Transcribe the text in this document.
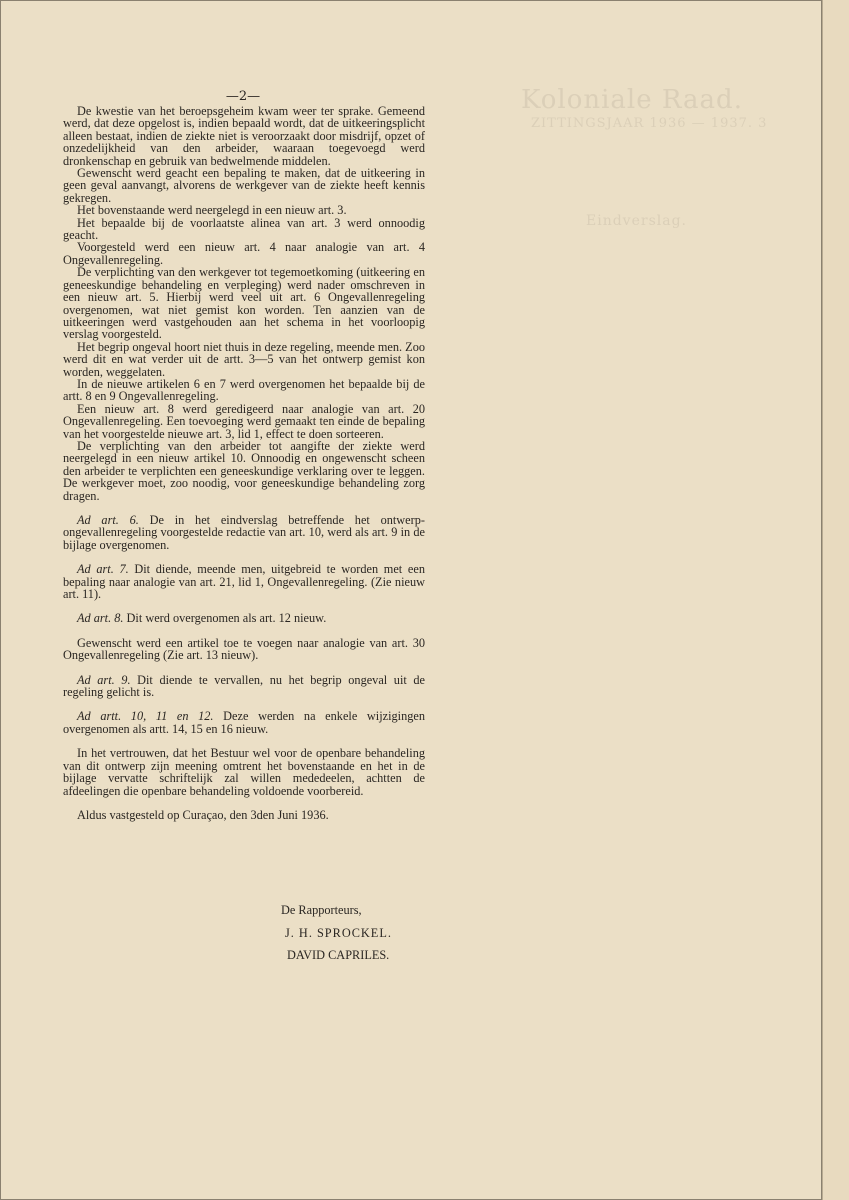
Koloniale Raad.
ZITTINGSJAAR 1936 — 1937. 3
Eindverslag.
—2—

De kwestie van het beroepsgeheim kwam weer ter sprake. Gemeend werd, dat deze opgelost is, indien bepaald wordt, dat de uitkeeringsplicht alleen bestaat, indien de ziekte niet is veroorzaakt door misdrijf, opzet of onzedelijkheid van den arbeider, waaraan toegevoegd werd dronkenschap en gebruik van bedwelmende middelen.

Gewenscht werd geacht een bepaling te maken, dat de uitkeering in geen geval aanvangt, alvorens de werkgever van de ziekte heeft kennis gekregen.

Het bovenstaande werd neergelegd in een nieuw art. 3.

Het bepaalde bij de voorlaatste alinea van art. 3 werd onnoodig geacht.

Voorgesteld werd een nieuw art. 4 naar analogie van art. 4 Ongevallenregeling.

De verplichting van den werkgever tot tegemoetkoming (uitkeering en geneeskundige behandeling en verpleging) werd nader omschreven in een nieuw art. 5. Hierbij werd veel uit art. 6 Ongevallenregeling overgenomen, wat niet gemist kon worden. Ten aanzien van de uitkeeringen werd vastgehouden aan het schema in het voorloopig verslag voorgesteld.

Het begrip ongeval hoort niet thuis in deze regeling, meende men. Zoo werd dit en wat verder uit de artt. 3—5 van het ontwerp gemist kon worden, weggelaten.

In de nieuwe artikelen 6 en 7 werd overgenomen het bepaalde bij de artt. 8 en 9 Ongevallenregeling.

Een nieuw art. 8 werd geredigeerd naar analogie van art. 20 Ongevallenregeling. Een toevoeging werd gemaakt ten einde de bepaling van het voorgestelde nieuwe art. 3, lid 1, effect te doen sorteeren.

De verplichting van den arbeider tot aangifte der ziekte werd neergelegd in een nieuw artikel 10. Onnoodig en ongewenscht scheen den arbeider te verplichten een geneeskundige verklaring over te leggen. De werkgever moet, zoo noodig, voor geneeskundige behandeling zorg dragen.

Ad art. 6. De in het eindverslag betreffende het ontwerp-ongevallenregeling voorgestelde redactie van art. 10, werd als art. 9 in de bijlage overgenomen.

Ad art. 7. Dit diende, meende men, uitgebreid te worden met een bepaling naar analogie van art. 21, lid 1, Ongevallenregeling. (Zie nieuw art. 11).

Ad art. 8. Dit werd overgenomen als art. 12 nieuw.

Gewenscht werd een artikel toe te voegen naar analogie van art. 30 Ongevallenregeling (Zie art. 13 nieuw).

Ad art. 9. Dit diende te vervallen, nu het begrip ongeval uit de regeling gelicht is.

Ad artt. 10, 11 en 12. Deze werden na enkele wijzigingen overgenomen als artt. 14, 15 en 16 nieuw.

In het vertrouwen, dat het Bestuur wel voor de openbare behandeling van dit ontwerp zijn meening omtrent het bovenstaande en het in de bijlage vervatte schriftelijk zal willen mededeelen, achtten de afdeelingen die openbare behandeling voldoende voorbereid.

Aldus vastgesteld op Curaçao, den 3den Juni 1936.

De Rapporteurs,
J. H. SPROCKEL.
DAVID CAPRILES.
